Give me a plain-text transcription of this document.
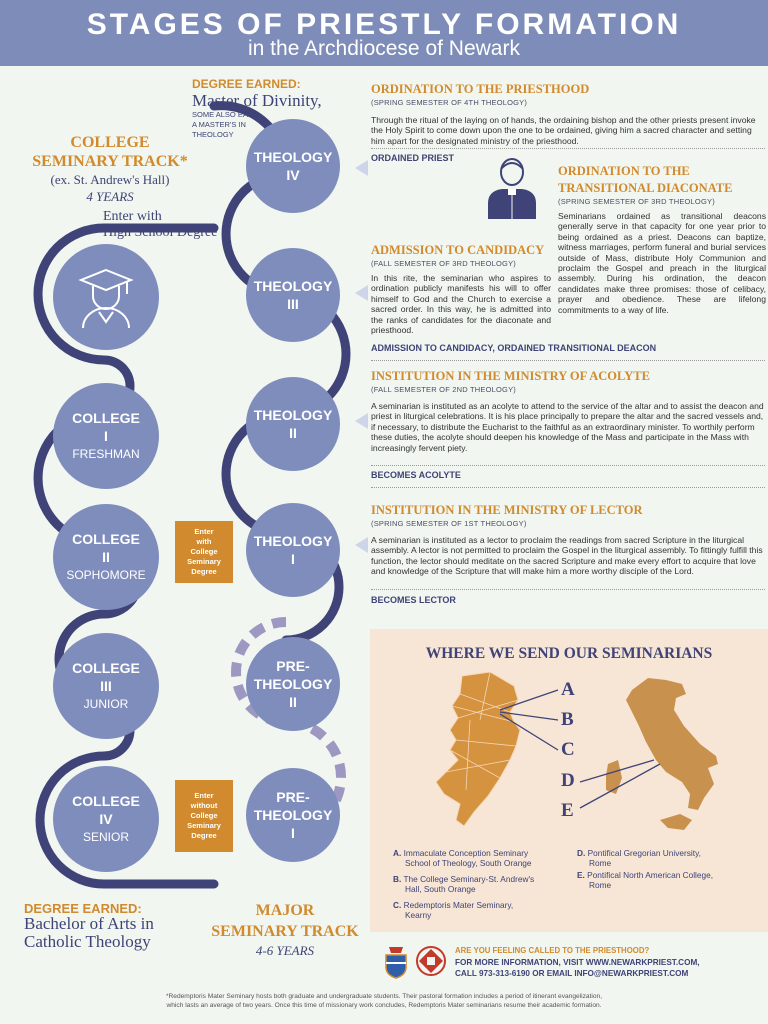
STAGES OF PRIESTLY FORMATION
in the Archdiocese of Newark
COLLEGE
SEMINARY TRACK*
(ex. St. Andrew's Hall)
4 YEARS
Enter with
High School Degree
COLLEGE
I
FRESHMAN
COLLEGE
II
SOPHOMORE
COLLEGE
III
JUNIOR
COLLEGE
IV
SENIOR
DEGREE EARNED:
Bachelor of Arts in
Catholic Theology
DEGREE EARNED:
Master of Divinity,
SOME ALSO EARN
A MASTER'S IN
THEOLOGY
THEOLOGY
IV
THEOLOGY
III
THEOLOGY
II
THEOLOGY
I
PRE-
THEOLOGY
II
PRE-
THEOLOGY
I
Enter
with
College
Seminary
Degree
Enter
without
College
Seminary
Degree
MAJOR
SEMINARY TRACK
4-6 YEARS
ORDINATION TO THE PRIESTHOOD
(SPRING SEMESTER OF 4TH THEOLOGY)
Through the ritual of the laying on of hands, the ordaining bishop and the other priests present invoke the Holy Spirit to come down upon the one to be ordained, giving him a sacred character and setting him apart for the designated ministry of the priesthood.
ORDAINED PRIEST
ORDINATION TO THE
TRANSITIONAL DIACONATE
(SPRING SEMESTER OF 3RD THEOLOGY)
Seminarians ordained as transitional deacons generally serve in that capacity for one year prior to being ordained as a priest. Deacons can baptize, witness marriages, perform funeral and burial services outside of Mass, distribute Holy Communion and proclaim the Gospel and preach in the liturgical assembly. During his ordination, the deacon candidates make three promises: those of celibacy, prayer and obedience. These are lifelong commitments to a way of life.
ADMISSION TO CANDIDACY
(FALL SEMESTER OF 3RD THEOLOGY)
In this rite, the seminarian who aspires to ordination publicly manifests his will to offer himself to God and the Church to exercise a sacred order. In this way, he is admitted into the ranks of candidates for the diaconate and priesthood.
ADMISSION TO CANDIDACY, ORDAINED TRANSITIONAL DEACON
INSTITUTION IN THE MINISTRY OF ACOLYTE
(FALL SEMESTER OF 2ND THEOLOGY)
A seminarian is instituted as an acolyte to attend to the service of the altar and to assist the deacon and priest in liturgical celebrations. It is his place principally to prepare the altar and the sacred vessels and, if necessary, to distribute the Eucharist to the faithful as an extraordinary minister. To worthily perform these duties, the acolyte should deepen his knowledge of the Mass and participate in the Mass with increasingly fervent piety.
BECOMES ACOLYTE
INSTITUTION IN THE MINISTRY OF LECTOR
(SPRING SEMESTER OF 1ST THEOLOGY)
A seminarian is instituted as a lector to proclaim the readings from sacred Scripture in the liturgical assembly. A lector is not permitted to proclaim the Gospel in the liturgical assembly. To fittingly fulfill this function, the lector should meditate on the sacred Scripture and make every effort to acquire that love and knowledge of the Scripture that will make him a more worthy disciple of the Lord.
BECOMES LECTOR
WHERE WE SEND OUR SEMINARIANS
A
B
C
D
E
A. Immaculate Conception Seminary
School of Theology, South Orange
B. The College Seminary-St. Andrew's
Hall, South Orange
C. Redemptoris Mater Seminary,
Kearny
D. Pontifical Gregorian University,
Rome
E. Pontifical North American College,
Rome
ARE YOU FEELING CALLED TO THE PRIESTHOOD?
FOR MORE INFORMATION, VISIT WWW.NEWARKPRIEST.COM,
CALL 973-313-6190 OR EMAIL INFO@NEWARKPRIEST.COM
*Redemptoris Mater Seminary hosts both graduate and undergraduate students. Their pastoral formation includes a period of itinerant evangelization,
which lasts an average of two years. Once this time of missionary work concludes, Redemptoris Mater seminarians resume their academic formation.
